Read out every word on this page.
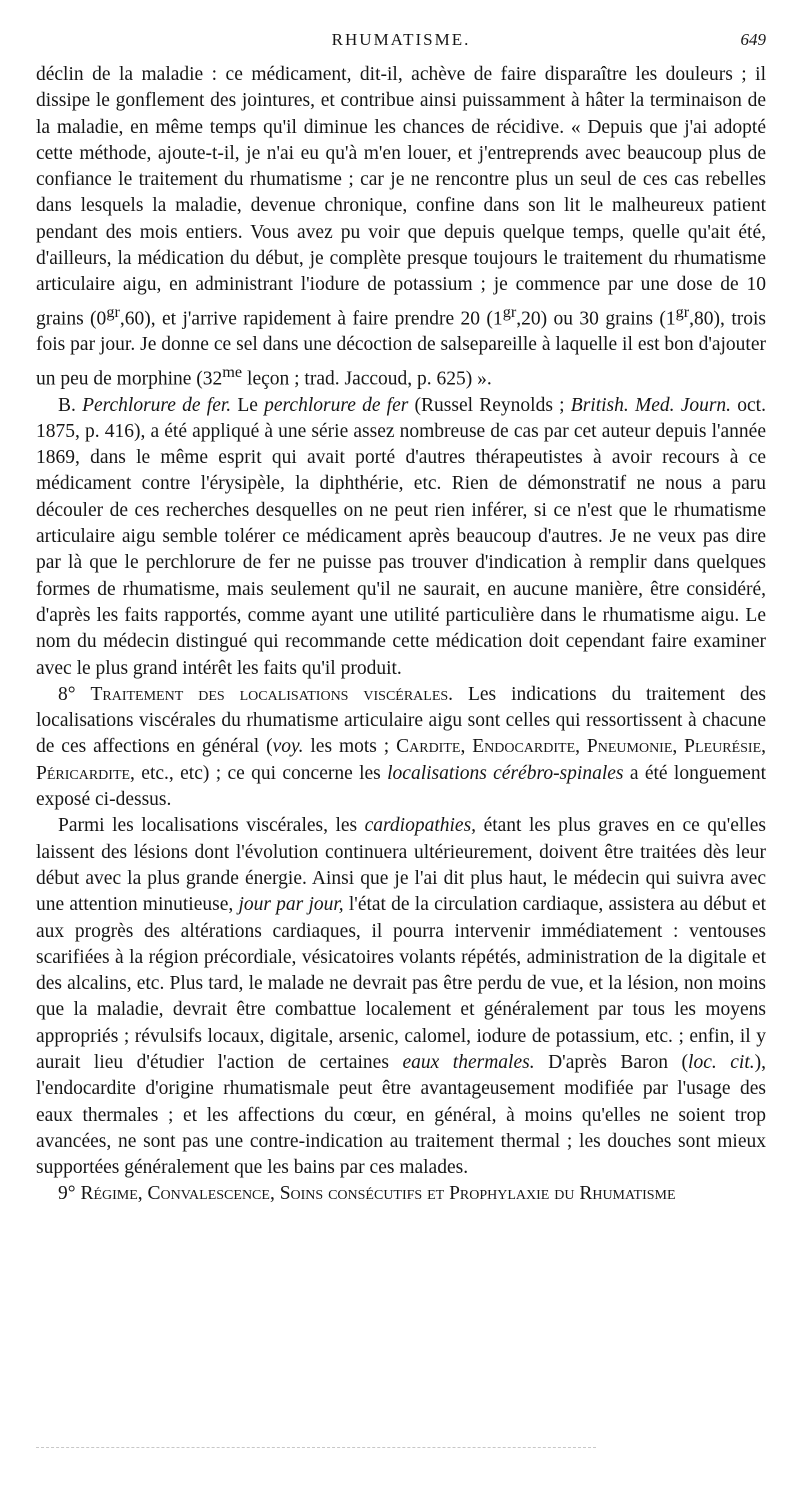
RHUMATISME.	649

déclin de la maladie : ce médicament, dit-il, achève de faire disparaître les douleurs ; il dissipe le gonflement des jointures, et contribue ainsi puissamment à hâter la terminaison de la maladie, en même temps qu'il diminue les chances de récidive. « Depuis que j'ai adopté cette méthode, ajoute-t-il, je n'ai eu qu'à m'en louer, et j'entreprends avec beaucoup plus de confiance le traitement du rhumatisme ; car je ne rencontre plus un seul de ces cas rebelles dans lesquels la maladie, devenue chronique, confine dans son lit le malheureux patient pendant des mois entiers. Vous avez pu voir que depuis quelque temps, quelle qu'ait été, d'ailleurs, la médication du début, je complète presque toujours le traitement du rhumatisme articulaire aigu, en administrant l'iodure de potassium ; je commence par une dose de 10 grains $(0^{gr},60)$, et j'arrive rapidement à faire prendre 20 $(1^{gr},20)$ ou 30 grains $(1^{gr},80)$, trois fois par jour. Je donne ce sel dans une décoction de salsepareille à laquelle il est bon d'ajouter un peu de morphine ($32^{me}$ leçon ; trad. Jaccoud, p. 625) ».

B. Perchlorure de fer. Le perchlorure de fer (Russel Reynolds ; British. Med. Journ. oct. 1875, p. 416), a été appliqué à une série assez nombreuse de cas par cet auteur depuis l'année 1869, dans le même esprit qui avait porté d'autres thérapeutistes à avoir recours à ce médicament contre l'érysipèle, la diphthérie, etc. Rien de démonstratif ne nous a paru découler de ces recherches desquelles on ne peut rien inférer, si ce n'est que le rhumatisme articulaire aigu semble tolérer ce médicament après beaucoup d'autres. Je ne veux pas dire par là que le perchlorure de fer ne puisse pas trouver d'indication à remplir dans quelques formes de rhumatisme, mais seulement qu'il ne saurait, en aucune manière, être considéré, d'après les faits rapportés, comme ayant une utilité particulière dans le rhumatisme aigu. Le nom du médecin distingué qui recommande cette médication doit cependant faire examiner avec le plus grand intérêt les faits qu'il produit.

8° Traitement des localisations viscérales. Les indications du traitement des localisations viscérales du rhumatisme articulaire aigu sont celles qui ressortissent à chacune de ces affections en général (voy. les mots ; Cardite, Endocardite, Pneumonie, Pleurésie, Péricardite, etc., etc) ; ce qui concerne les localisations cérébro-spinales a été longuement exposé ci-dessus.

Parmi les localisations viscérales, les cardiopathies, étant les plus graves en ce qu'elles laissent des lésions dont l'évolution continuera ultérieurement, doivent être traitées dès leur début avec la plus grande énergie. Ainsi que je l'ai dit plus haut, le médecin qui suivra avec une attention minutieuse, jour par jour, l'état de la circulation cardiaque, assistera au début et aux progrès des altérations cardiaques, il pourra intervenir immédiatement : ventouses scarifiées à la région précordiale, vésicatoires volants répétés, administration de la digitale et des alcalins, etc. Plus tard, le malade ne devrait pas être perdu de vue, et la lésion, non moins que la maladie, devrait être combattue localement et généralement par tous les moyens appropriés ; révulsifs locaux, digitale, arsenic, calomel, iodure de potassium, etc. ; enfin, il y aurait lieu d'étudier l'action de certaines eaux thermales. D'après Baron (loc. cit.), l'endocardite d'origine rhumatismale peut être avantageusement modifiée par l'usage des eaux thermales ; et les affections du cœur, en général, à moins qu'elles ne soient trop avancées, ne sont pas une contre-indication au traitement thermal ; les douches sont mieux supportées généralement que les bains par ces malades.

9° Régime, Convalescence, Soins consécutifs et Prophylaxie du Rhumatisme
